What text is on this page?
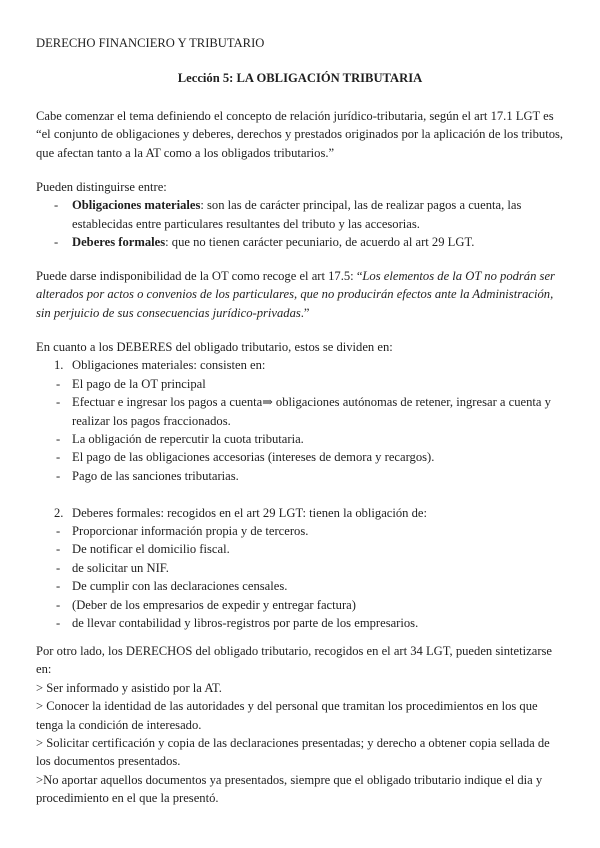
DERECHO FINANCIERO Y TRIBUTARIO
Lección 5: LA OBLIGACIÓN TRIBUTARIA

Cabe comenzar el tema definiendo el concepto de relación jurídico-tributaria, según el art 17.1 LGT es “el conjunto de obligaciones y deberes, derechos y prestados originados por la aplicación de los tributos, que afectan tanto a la AT como a los obligados tributarios.”

Pueden distinguirse entre:

- Obligaciones materiales: son las de carácter principal, las de realizar pagos a cuenta, las establecidas entre particulares resultantes del tributo y las accesorias.
- Deberes formales: que no tienen carácter pecuniario, de acuerdo al art 29 LGT.

Puede darse indisponibilidad de la OT como recoge el art 17.5: “Los elementos de la OT no podrán ser alterados por actos o convenios de los particulares, que no producirán efectos ante la Administración, sin perjuicio de sus consecuencias jurídico-privadas.”

En cuanto a los DEBERES del obligado tributario, estos se dividen en:

1. Obligaciones materiales: consisten en:
- El pago de la OT principal
- Efectuar e ingresar los pagos a cuenta⇒ obligaciones autónomas de retener, ingresar a cuenta y realizar los pagos fraccionados.
- La obligación de repercutir la cuota tributaria.
- El pago de las obligaciones accesorias (intereses de demora y recargos).
- Pago de las sanciones tributarias.
2. Deberes formales: recogidos en el art 29 LGT: tienen la obligación de:
- Proporcionar información propia y de terceros.
- De notificar el domicilio fiscal.
- de solicitar un NIF.
- De cumplir con las declaraciones censales.
- (Deber de los empresarios de expedir y entregar factura)
- de llevar contabilidad y libros-registros por parte de los empresarios.

Por otro lado, los DERECHOS del obligado tributario, recogidos en el art 34 LGT, pueden sintetizarse en:

> Ser informado y asistido por la AT.

> Conocer la identidad de las autoridades y del personal que tramitan los procedimientos en los que tenga la condición de interesado.

> Solicitar certificación y copia de las declaraciones presentadas; y derecho a obtener copia sellada de los documentos presentados.

>No aportar aquellos documentos ya presentados, siempre que el obligado tributario indique el dia y procedimiento en el que la presentó.
